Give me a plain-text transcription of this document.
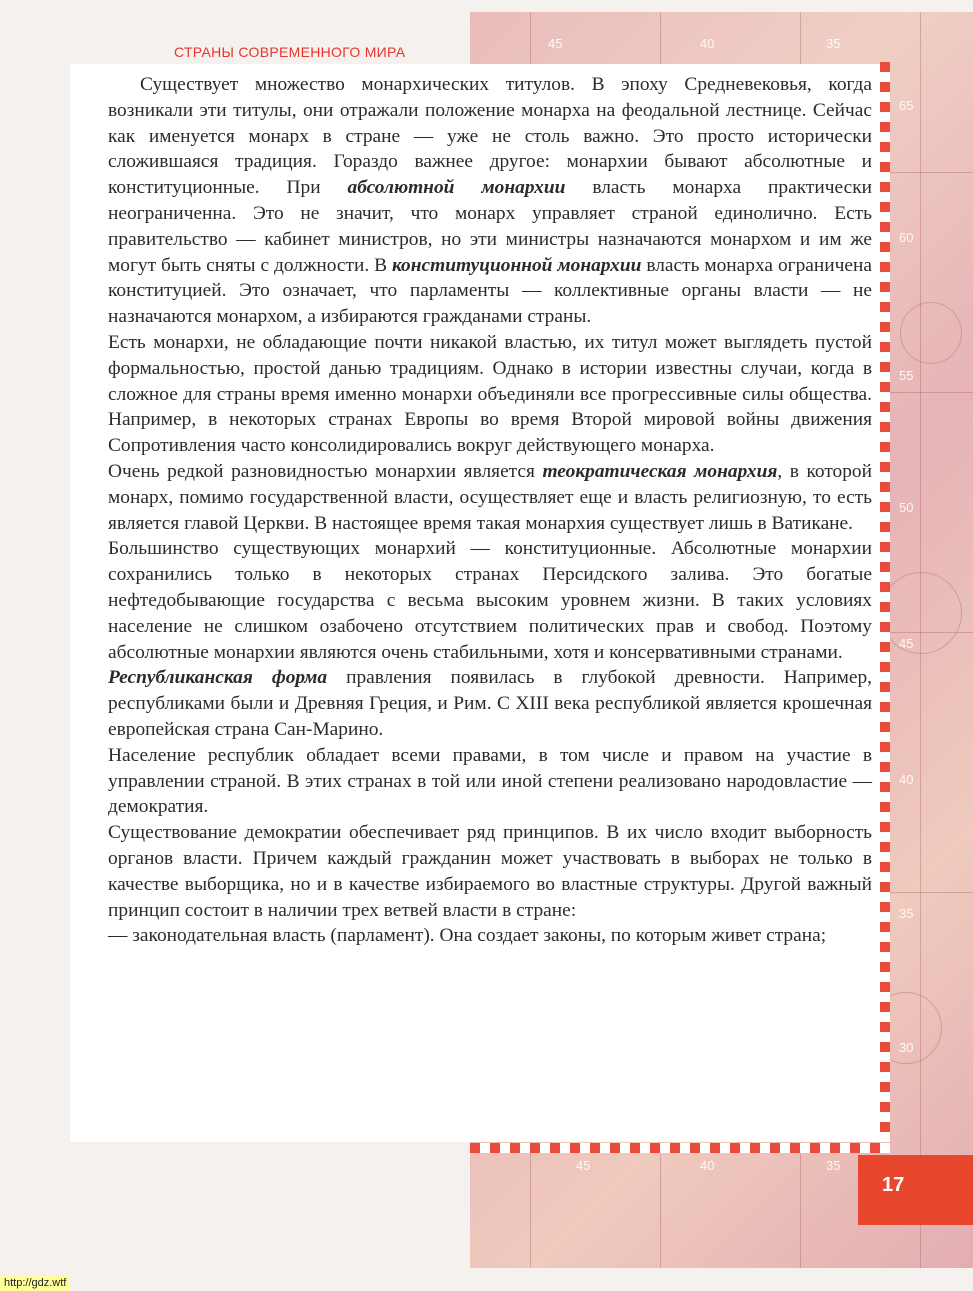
45	40	35
65
60
55
50
45
40
35
30
45	40	35
СТРАНЫ СОВРЕМЕННОГО МИРА

Существует множество монархических титулов. В эпоху Средневековья, когда возникали эти титулы, они отражали положение монарха на феодальной лестнице. Сейчас как именуется монарх в стране — уже не столь важно. Это просто исторически сложившаяся традиция. Гораздо важнее другое: монархии бывают абсолютные и конституционные. При абсолютной монархии власть монарха практически неограниченна. Это не значит, что монарх управляет страной единолично. Есть правительство — кабинет министров, но эти министры назначаются монархом и им же могут быть сняты с должности. В конституционной монархии власть монарха ограничена конституцией. Это означает, что парламенты — коллективные органы власти — не назначаются монархом, а избираются гражданами страны.

Есть монархи, не обладающие почти никакой властью, их титул может выглядеть пустой формальностью, простой данью традициям. Однако в истории известны случаи, когда в сложное для страны время именно монархи объединяли все прогрессивные силы общества. Например, в некоторых странах Европы во время Второй мировой войны движения Сопротивления часто консолидировались вокруг действующего монарха.

Очень редкой разновидностью монархии является теократическая монархия, в которой монарх, помимо государственной власти, осуществляет еще и власть религиозную, то есть является главой Церкви. В настоящее время такая монархия существует лишь в Ватикане.

Большинство существующих монархий — конституционные. Абсолютные монархии сохранились только в некоторых странах Персидского залива. Это богатые нефтедобывающие государства с весьма высоким уровнем жизни. В таких условиях население не слишком озабочено отсутствием политических прав и свобод. Поэтому абсолютные монархии являются очень стабильными, хотя и консервативными странами.

Республиканская форма правления появилась в глубокой древности. Например, республиками были и Древняя Греция, и Рим. С XIII века республикой является крошечная европейская страна Сан-Марино.

Население республик обладает всеми правами, в том числе и правом на участие в управлении страной. В этих странах в той или иной степени реализовано народовластие — демократия.

Существование демократии обеспечивает ряд принципов. В их число входит выборность органов власти. Причем каждый гражданин может участвовать в выборах не только в качестве выборщика, но и в качестве избираемого во властные структуры. Другой важный принцип состоит в наличии трех ветвей власти в стране:

— законодательная власть (парламент). Она создает законы, по которым живет страна;

17
http://gdz.wtf
